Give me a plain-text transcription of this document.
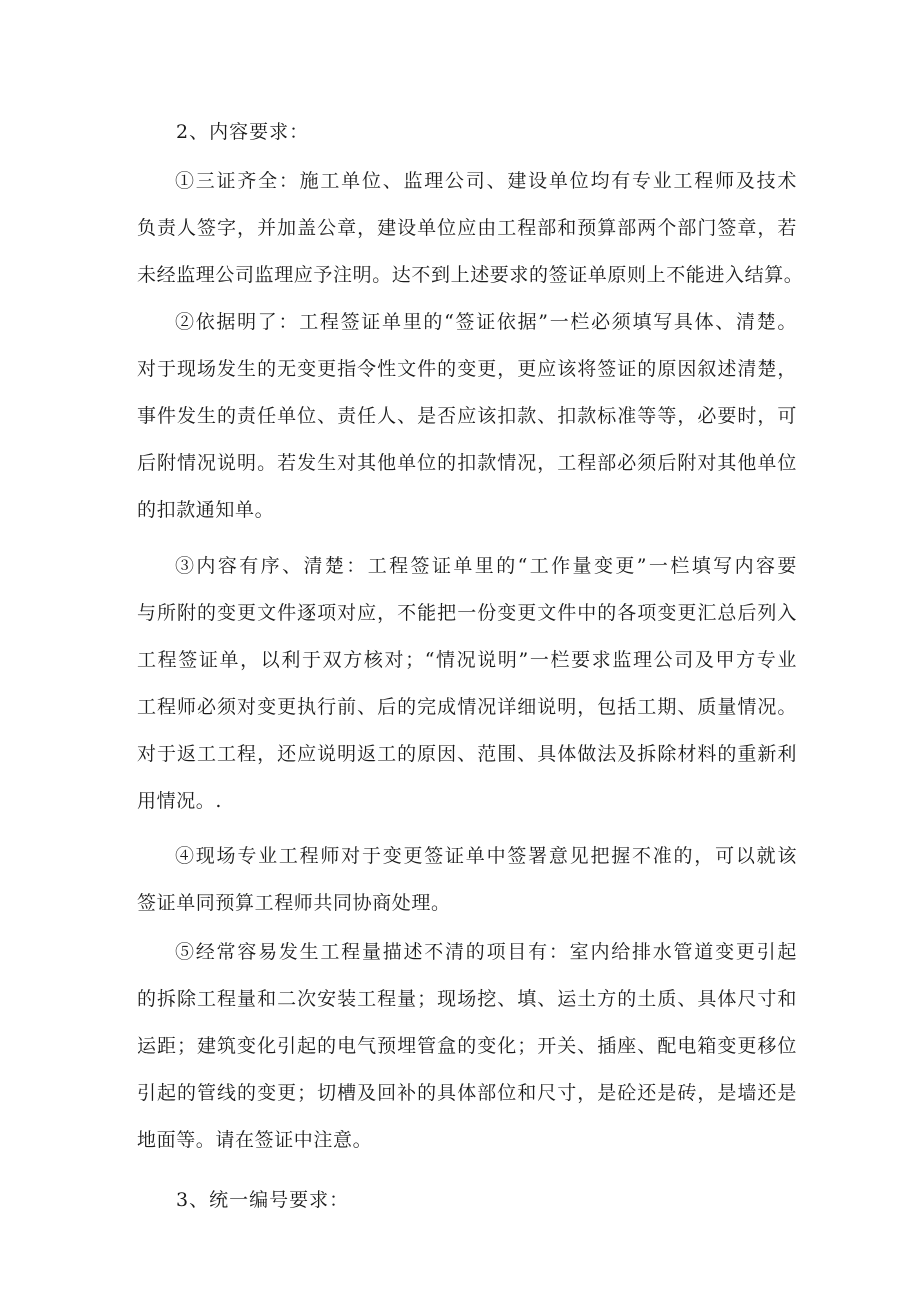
2、内容要求：
①三证齐全：施工单位、监理公司、建设单位均有专业工程师及技术
负责人签字，并加盖公章，建设单位应由工程部和预算部两个部门签章，若
未经监理公司监理应予注明。达不到上述要求的签证单原则上不能进入结算。
②依据明了：工程签证单里的“签证依据”一栏必须填写具体、清楚。
对于现场发生的无变更指令性文件的变更，更应该将签证的原因叙述清楚，
事件发生的责任单位、责任人、是否应该扣款、扣款标准等等，必要时，可
后附情况说明。若发生对其他单位的扣款情况，工程部必须后附对其他单位
的扣款通知单。
③内容有序、清楚：工程签证单里的“工作量变更”一栏填写内容要
与所附的变更文件逐项对应，不能把一份变更文件中的各项变更汇总后列入
工程签证单，以利于双方核对；“情况说明”一栏要求监理公司及甲方专业
工程师必须对变更执行前、后的完成情况详细说明，包括工期、质量情况。
对于返工工程，还应说明返工的原因、范围、具体做法及拆除材料的重新利
用情况。.
④现场专业工程师对于变更签证单中签署意见把握不准的，可以就该
签证单同预算工程师共同协商处理。
⑤经常容易发生工程量描述不清的项目有：室内给排水管道变更引起
的拆除工程量和二次安装工程量；现场挖、填、运土方的土质、具体尺寸和
运距；建筑变化引起的电气预埋管盒的变化；开关、插座、配电箱变更移位
引起的管线的变更；切槽及回补的具体部位和尺寸，是砼还是砖，是墙还是
地面等。请在签证中注意。
3、统一编号要求：
